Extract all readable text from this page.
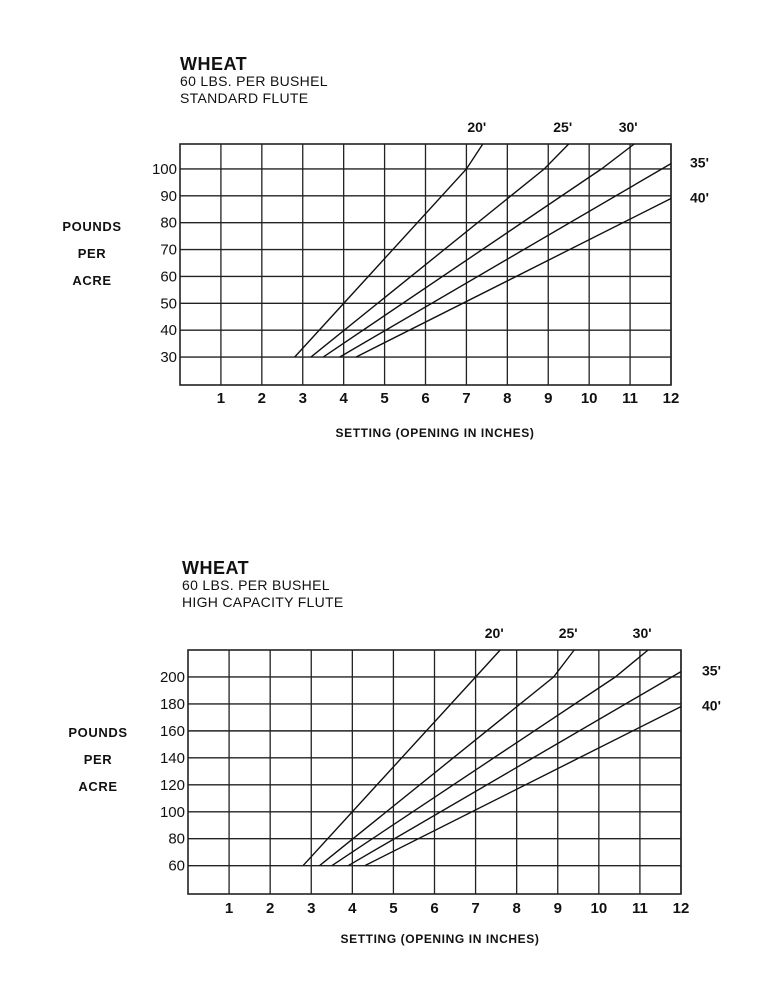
WHEAT
60 LBS. PER BUSHEL
STANDARD FLUTE
POUNDS
PER
ACRE
SETTING (OPENING IN INCHES)
1 2 3 4 5 6 7 8 9 10 11 12
30
40
50
60
70
80
90
100
20'	25'	30'
35'
40'
WHEAT
60 LBS. PER BUSHEL
HIGH CAPACITY FLUTE
POUNDS
PER
ACRE
SETTING (OPENING IN INCHES)
1 2 3 4 5 6 7 8 9 10 11 12
60
80
100
120
140
160
180
200
20'	25'	30'
35'
40'
